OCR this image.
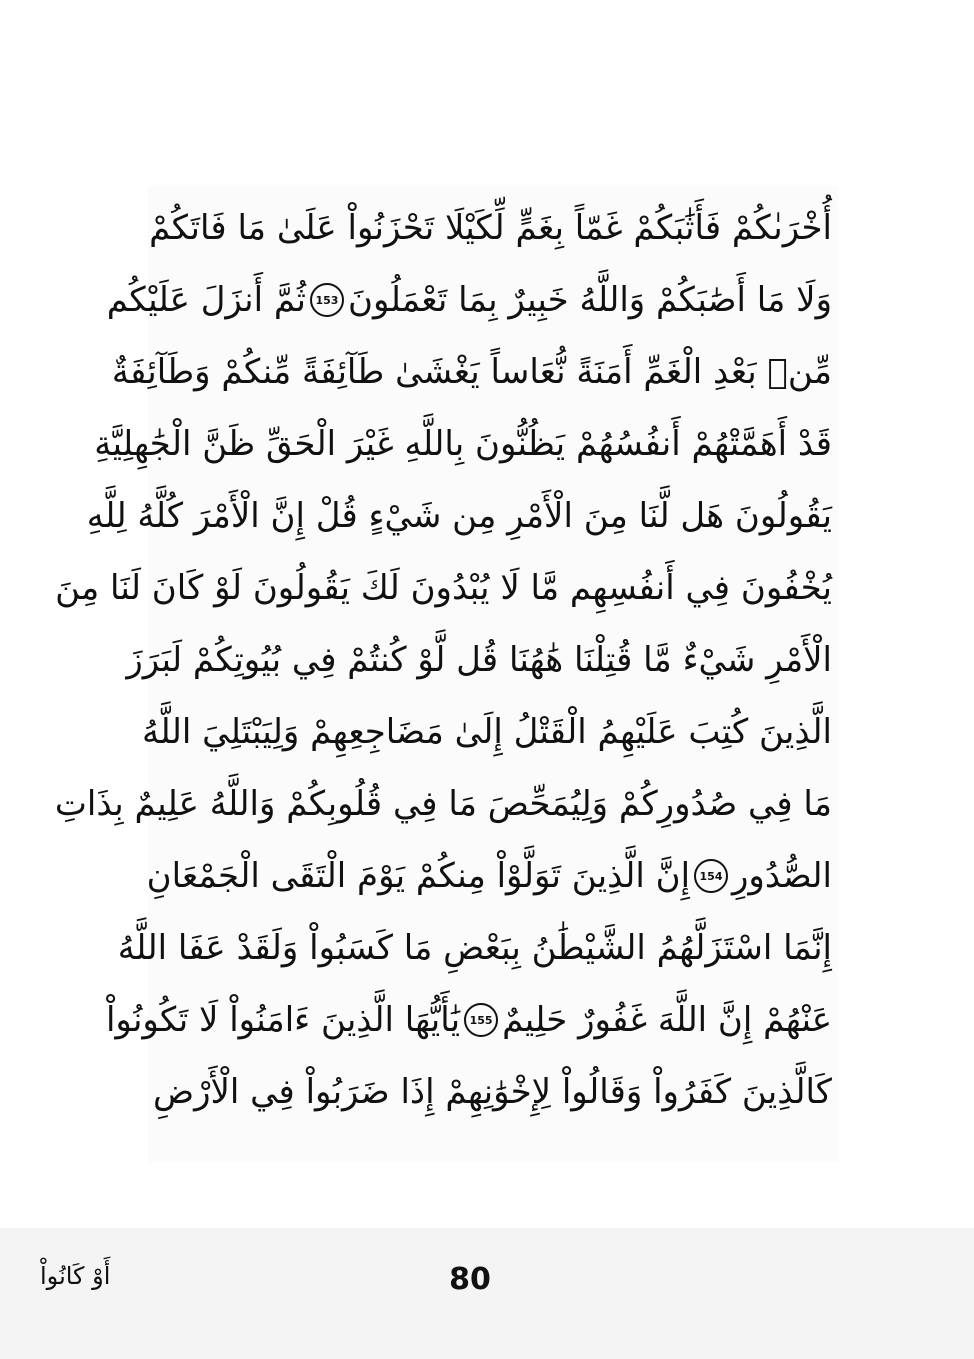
أُخْرَىٰكُمْ فَأَثَٰبَكُمْ غَمّاً بِغَمٍّ لِّكَيْلَا تَحْزَنُواْ عَلَىٰ مَا فَاتَكُمْ
وَلَا مَا أَصَٰبَكُمْ وَاللَّهُ خَبِيرٌ بِمَا تَعْمَلُونَ
153
ثُمَّ أَنزَلَ عَلَيْكُم
مِّنۢ بَعْدِ الْغَمِّ أَمَنَةً نُّعَاساً يَغْشَىٰ طَآئِفَةً مِّنكُمْ وَطَآئِفَةٌ
قَدْ أَهَمَّتْهُمْ أَنفُسُهُمْ يَظُنُّونَ بِاللَّهِ غَيْرَ الْحَقِّ ظَنَّ الْجَٰهِلِيَّةِ
يَقُولُونَ هَل لَّنَا مِنَ الْأَمْرِ مِن شَيْءٍ قُلْ إِنَّ الْأَمْرَ كُلَّهُ لِلَّهِ
يُخْفُونَ فِي أَنفُسِهِم مَّا لَا يُبْدُونَ لَكَ يَقُولُونَ لَوْ كَانَ لَنَا مِنَ
الْأَمْرِ شَيْءٌ مَّا قُتِلْنَا هَٰهُنَا قُل لَّوْ كُنتُمْ فِي بُيُوتِكُمْ لَبَرَزَ
الَّذِينَ كُتِبَ عَلَيْهِمُ الْقَتْلُ إِلَىٰ مَضَاجِعِهِمْ وَلِيَبْتَلِيَ اللَّهُ
مَا فِي صُدُورِكُمْ وَلِيُمَحِّصَ مَا فِي قُلُوبِكُمْ وَاللَّهُ عَلِيمٌ بِذَاتِ
الصُّدُورِ
154
إِنَّ الَّذِينَ تَوَلَّوْاْ مِنكُمْ يَوْمَ الْتَقَى الْجَمْعَانِ
إِنَّمَا اسْتَزَلَّهُمُ الشَّيْطَٰنُ بِبَعْضِ مَا كَسَبُواْ وَلَقَدْ عَفَا اللَّهُ
عَنْهُمْ إِنَّ اللَّهَ غَفُورٌ حَلِيمٌ
155
يَٰأَيُّهَا الَّذِينَ ءَامَنُواْ لَا تَكُونُواْ
كَالَّذِينَ كَفَرُواْ وَقَالُواْ لِإِخْوَٰنِهِمْ إِذَا ضَرَبُواْ فِي الْأَرْضِ
80
أَوْ كَانُواْ
